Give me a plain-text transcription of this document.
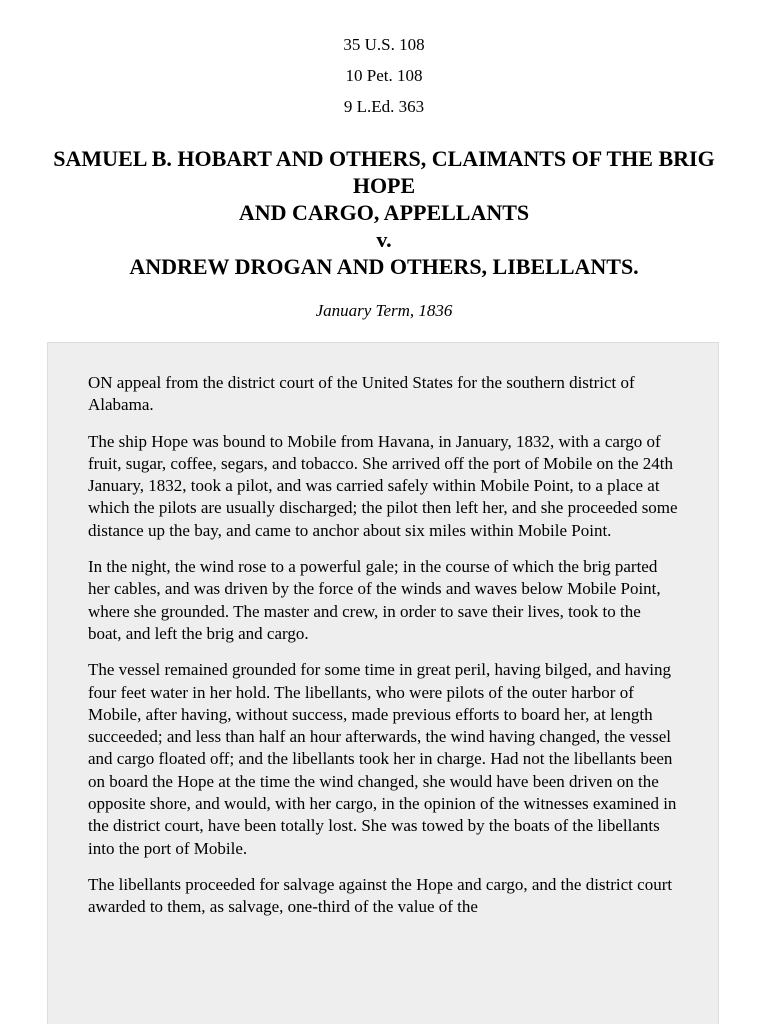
35 U.S. 108
10 Pet. 108
9 L.Ed. 363
SAMUEL B. HOBART AND OTHERS, CLAIMANTS OF THE BRIG HOPE
AND CARGO, APPELLANTS
v.
ANDREW DROGAN AND OTHERS, LIBELLANTS.
January Term, 1836

ON appeal from the district court of the United States for the southern district of Alabama.

The ship Hope was bound to Mobile from Havana, in January, 1832, with a cargo of fruit, sugar, coffee, segars, and tobacco. She arrived off the port of Mobile on the 24th January, 1832, took a pilot, and was carried safely within Mobile Point, to a place at which the pilots are usually discharged; the pilot then left her, and she proceeded some distance up the bay, and came to anchor about six miles within Mobile Point.

In the night, the wind rose to a powerful gale; in the course of which the brig parted her cables, and was driven by the force of the winds and waves below Mobile Point, where she grounded. The master and crew, in order to save their lives, took to the boat, and left the brig and cargo.

The vessel remained grounded for some time in great peril, having bilged, and having four feet water in her hold. The libellants, who were pilots of the outer harbor of Mobile, after having, without success, made previous efforts to board her, at length succeeded; and less than half an hour afterwards, the wind having changed, the vessel and cargo floated off; and the libellants took her in charge. Had not the libellants been on board the Hope at the time the wind changed, she would have been driven on the opposite shore, and would, with her cargo, in the opinion of the witnesses examined in the district court, have been totally lost. She was towed by the boats of the libellants into the port of Mobile.

The libellants proceeded for salvage against the Hope and cargo, and the district court awarded to them, as salvage, one-third of the value of the
